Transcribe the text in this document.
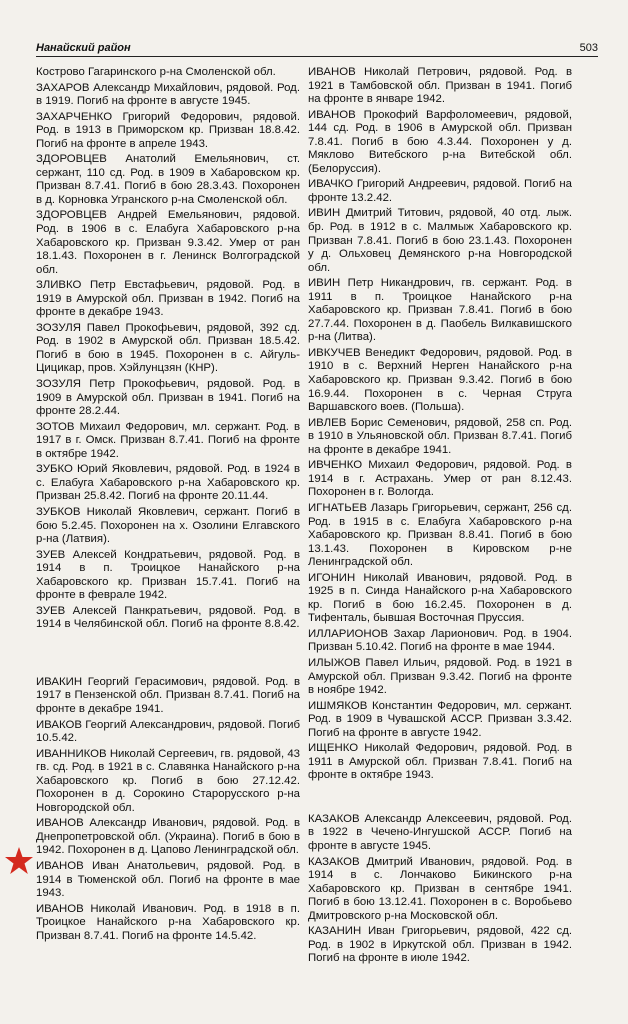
Нанайский район	503

Кострово Гагаринского р-на Смоленской обл.

ЗАХАРОВ Александр Михайлович, рядовой. Род. в 1919. Погиб на фронте в августе 1945.

ЗАХАРЧЕНКО Григорий Федорович, рядовой. Род. в 1913 в Приморском кр. Призван 18.8.42. Погиб на фронте в апреле 1943.

ЗДОРОВЦЕВ Анатолий Емельянович, ст. сержант, 110 сд. Род. в 1909 в Хабаровском кр. Призван 8.7.41. Погиб в бою 28.3.43. Похоронен в д. Корновка Угранского р-на Смоленской обл.

ЗДОРОВЦЕВ Андрей Емельянович, рядовой. Род. в 1906 в с. Елабуга Хабаровского р-на Хабаровского кр. Призван 9.3.42. Умер от ран 18.1.43. Похоронен в г. Ленинск Волгоградской обл.

ЗЛИВКО Петр Евстафьевич, рядовой. Род. в 1919 в Амурской обл. Призван в 1942. Погиб на фронте в декабре 1943.

ЗОЗУЛЯ Павел Прокофьевич, рядовой, 392 сд. Род. в 1902 в Амурской обл. Призван 18.5.42. Погиб в бою в 1945. Похоронен в с. Айгуль-Цицикар, пров. Хэйлунцзян (КНР).

ЗОЗУЛЯ Петр Прокофьевич, рядовой. Род. в 1909 в Амурской обл. Призван в 1941. Погиб на фронте 28.2.44.

ЗОТОВ Михаил Федорович, мл. сержант. Род. в 1917 в г. Омск. Призван 8.7.41. Погиб на фронте в октябре 1942.

ЗУБКО Юрий Яковлевич, рядовой. Род. в 1924 в с. Елабуга Хабаровского р-на Хабаровского кр. Призван 25.8.42. Погиб на фронте 20.11.44.

ЗУБКОВ Николай Яковлевич, сержант. Погиб в бою 5.2.45. Похоронен на х. Озолини Елгавского р-на (Латвия).

ЗУЕВ Алексей Кондратьевич, рядовой. Род. в 1914 в п. Троицкое Нанайского р-на Хабаровского кр. Призван 15.7.41. Погиб на фронте в феврале 1942.

ЗУЕВ Алексей Панкратьевич, рядовой. Род. в 1914 в Челябинской обл. Погиб на фронте 8.8.42.

ИВАКИН Георгий Герасимович, рядовой. Род. в 1917 в Пензенской обл. Призван 8.7.41. Погиб на фронте в декабре 1941.

ИВАКОВ Георгий Александрович, рядовой. Погиб 10.5.42.

ИВАННИКОВ Николай Сергеевич, гв. рядовой, 43 гв. сд. Род. в 1921 в с. Славянка Нанайского р-на Хабаровского кр. Погиб в бою 27.12.42. Похоронен в д. Сорокино Старорусского р-на Новгородской обл.

ИВАНОВ Александр Иванович, рядовой. Род. в Днепропетровской обл. (Украина). Погиб в бою в 1942. Похоронен в д. Цапово Ленинградской обл.

ИВАНОВ Иван Анатольевич, рядовой. Род. в 1914 в Тюменской обл. Погиб на фронте в мае 1943.

ИВАНОВ Николай Иванович. Род. в 1918 в п. Троицкое Нанайского р-на Хабаровского кр. Призван 8.7.41. Погиб на фронте 14.5.42.

ИВАНОВ Николай Петрович, рядовой. Род. в 1921 в Тамбовской обл. Призван в 1941. Погиб на фронте в январе 1942.

ИВАНОВ Прокофий Варфоломеевич, рядовой, 144 сд. Род. в 1906 в Амурской обл. Призван 7.8.41. Погиб в бою 4.3.44. Похоронен у д. Мяклово Витебского р-на Витебской обл. (Белоруссия).

ИВАЧКО Григорий Андреевич, рядовой. Погиб на фронте 13.2.42.

ИВИН Дмитрий Титович, рядовой, 40 отд. лыж. бр. Род. в 1912 в с. Малмыж Хабаровского кр. Призван 7.8.41. Погиб в бою 23.1.43. Похоронен у д. Ольховец Демянского р-на Новгородской обл.

ИВИН Петр Никандрович, гв. сержант. Род. в 1911 в п. Троицкое Нанайского р-на Хабаровского кр. Призван 7.8.41. Погиб в бою 27.7.44. Похоронен в д. Паобель Вилкавишского р-на (Литва).

ИВКУЧЕВ Венедикт Федорович, рядовой. Род. в 1910 в с. Верхний Нерген Нанайского р-на Хабаровского кр. Призван 9.3.42. Погиб в бою 16.9.44. Похоронен в с. Черная Струга Варшавского воев. (Польша).

ИВЛЕВ Борис Семенович, рядовой, 258 сп. Род. в 1910 в Ульяновской обл. Призван 8.7.41. Погиб на фронте в декабре 1941.

ИВЧЕНКО Михаил Федорович, рядовой. Род. в 1914 в г. Астрахань. Умер от ран 8.12.43. Похоронен в г. Вологда.

ИГНАТЬЕВ Лазарь Григорьевич, сержант, 256 сд. Род. в 1915 в с. Елабуга Хабаровского р-на Хабаровского кр. Призван 8.8.41. Погиб в бою 13.1.43. Похоронен в Кировском р-не Ленинградской обл.

ИГОНИН Николай Иванович, рядовой. Род. в 1925 в п. Синда Нанайского р-на Хабаровского кр. Погиб в бою 16.2.45. Похоронен в д. Тифенталь, бывшая Восточная Пруссия.

ИЛЛАРИОНОВ Захар Ларионович. Род. в 1904. Призван 5.10.42. Погиб на фронте в мае 1944.

ИЛЫЖОВ Павел Ильич, рядовой. Род. в 1921 в Амурской обл. Призван 9.3.42. Погиб на фронте в ноябре 1942.

ИШМЯКОВ Константин Федорович, мл. сержант. Род. в 1909 в Чувашской АССР. Призван 3.3.42. Погиб на фронте в августе 1942.

ИЩЕНКО Николай Федорович, рядовой. Род. в 1911 в Амурской обл. Призван 7.8.41. Погиб на фронте в октябре 1943.

КАЗАКОВ Александр Алексеевич, рядовой. Род. в 1922 в Чечено-Ингушской АССР. Погиб на фронте в августе 1945.

КАЗАКОВ Дмитрий Иванович, рядовой. Род. в 1914 в с. Лончаково Бикинского р-на Хабаровского кр. Призван в сентябре 1941. Погиб в бою 13.12.41. Похоронен в с. Воробьево Дмитровского р-на Московской обл.

КАЗАНИН Иван Григорьевич, рядовой, 422 сд. Род. в 1902 в Иркутской обл. Призван в 1942. Погиб на фронте в июле 1942.
